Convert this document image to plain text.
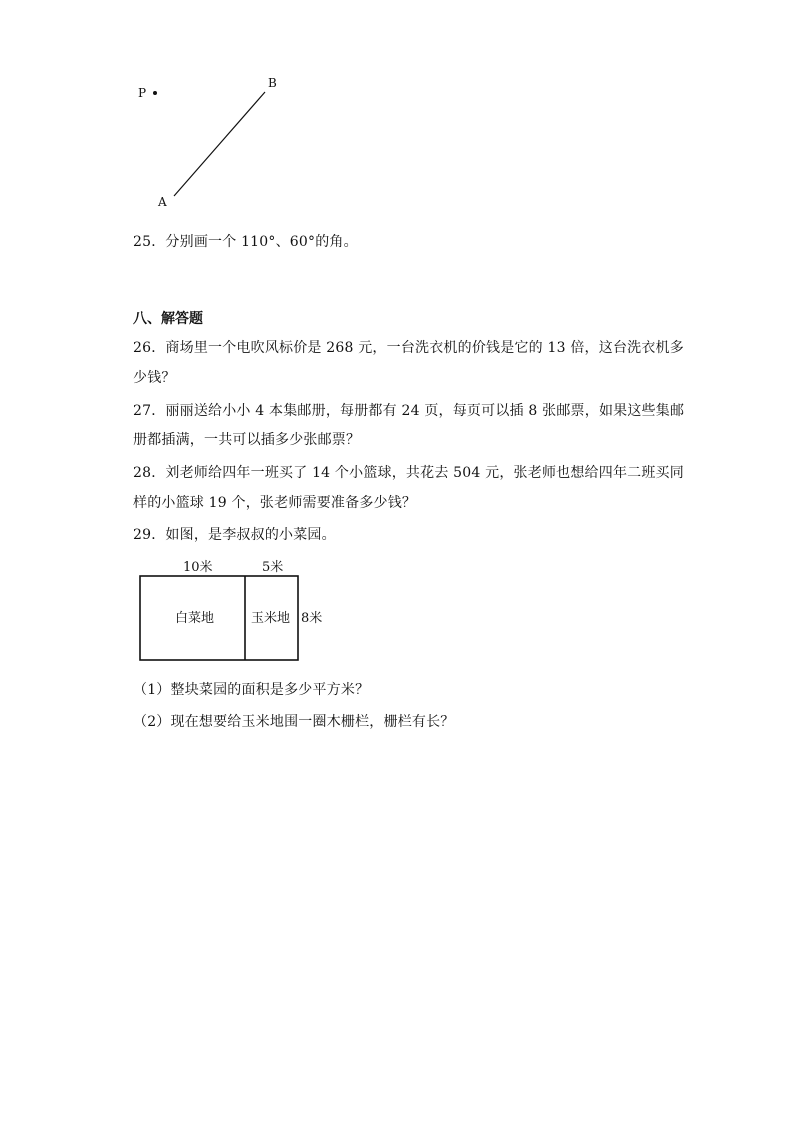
P
B
A
25．分别画一个 110°、60°的角。
八、解答题
26．商场里一个电吹风标价是 268 元，一台洗衣机的价钱是它的 13 倍，这台洗衣机多
少钱？
27．丽丽送给小小 4 本集邮册，每册都有 24 页，每页可以插 8 张邮票，如果这些集邮
册都插满，一共可以插多少张邮票？
28．刘老师给四年一班买了 14 个小篮球，共花去 504 元，张老师也想给四年二班买同
样的小篮球 19 个，张老师需要准备多少钱？
29．如图，是李叔叔的小菜园。
10米	5米
白菜地	玉米地 8米
（1）整块菜园的面积是多少平方米？
（2）现在想要给玉米地围一圈木栅栏，栅栏有长？
